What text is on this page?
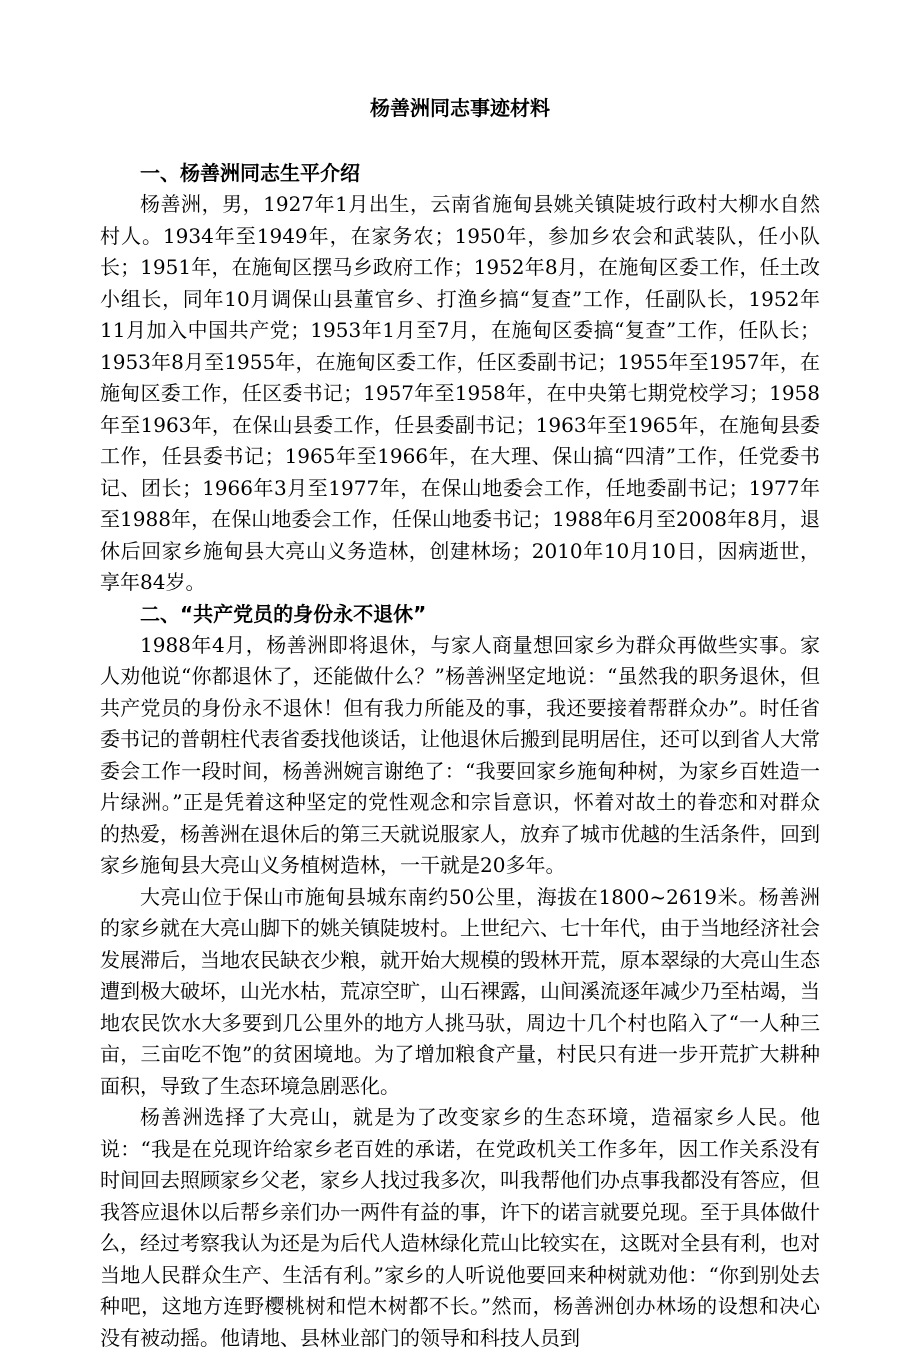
杨善洲同志事迹材料
一、杨善洲同志生平介绍

杨善洲，男，1927年1月出生，云南省施甸县姚关镇陡坡行政村大柳水自然村人。1934年至1949年，在家务农；1950年，参加乡农会和武装队，任小队长；1951年，在施甸区摆马乡政府工作；1952年8月，在施甸区委工作，任土改小组长，同年10月调保山县董官乡、打渔乡搞“复查”工作，任副队长，1952年11月加入中国共产党；1953年1月至7月，在施甸区委搞“复查”工作，任队长；1953年8月至1955年，在施甸区委工作，任区委副书记；1955年至1957年，在施甸区委工作，任区委书记；1957年至1958年，在中央第七期党校学习；1958年至1963年，在保山县委工作，任县委副书记；1963年至1965年，在施甸县委工作，任县委书记；1965年至1966年，在大理、保山搞“四清”工作，任党委书记、团长；1966年3月至1977年，在保山地委会工作，任地委副书记；1977年至1988年，在保山地委会工作，任保山地委书记；1988年6月至2008年8月，退休后回家乡施甸县大亮山义务造林，创建林场；2010年10月10日，因病逝世，享年84岁。

二、“共产党员的身份永不退休”

1988年4月，杨善洲即将退休，与家人商量想回家乡为群众再做些实事。家人劝他说“你都退休了，还能做什么？”杨善洲坚定地说：“虽然我的职务退休，但共产党员的身份永不退休！但有我力所能及的事，我还要接着帮群众办”。时任省委书记的普朝柱代表省委找他谈话，让他退休后搬到昆明居住，还可以到省人大常委会工作一段时间，杨善洲婉言谢绝了：“我要回家乡施甸种树，为家乡百姓造一片绿洲。”正是凭着这种坚定的党性观念和宗旨意识，怀着对故土的眷恋和对群众的热爱，杨善洲在退休后的第三天就说服家人，放弃了城市优越的生活条件，回到家乡施甸县大亮山义务植树造林，一干就是20多年。

大亮山位于保山市施甸县城东南约50公里，海拔在1800~2619米。杨善洲的家乡就在大亮山脚下的姚关镇陡坡村。上世纪六、七十年代，由于当地经济社会发展滞后，当地农民缺衣少粮，就开始大规模的毁林开荒，原本翠绿的大亮山生态遭到极大破坏，山光水枯，荒凉空旷，山石裸露，山间溪流逐年减少乃至枯竭，当地农民饮水大多要到几公里外的地方人挑马驮，周边十几个村也陷入了“一人种三亩，三亩吃不饱”的贫困境地。为了增加粮食产量，村民只有进一步开荒扩大耕种面积，导致了生态环境急剧恶化。

杨善洲选择了大亮山，就是为了改变家乡的生态环境，造福家乡人民。他说：“我是在兑现许给家乡老百姓的承诺，在党政机关工作多年，因工作关系没有时间回去照顾家乡父老，家乡人找过我多次，叫我帮他们办点事我都没有答应，但我答应退休以后帮乡亲们办一两件有益的事，许下的诺言就要兑现。至于具体做什么，经过考察我认为还是为后代人造林绿化荒山比较实在，这既对全县有利，也对当地人民群众生产、生活有利。”家乡的人听说他要回来种树就劝他：“你到别处去种吧，这地方连野樱桃树和恺木树都不长。”然而，杨善洲创办林场的设想和决心没有被动摇。他请地、县林业部门的领导和科技人员到
